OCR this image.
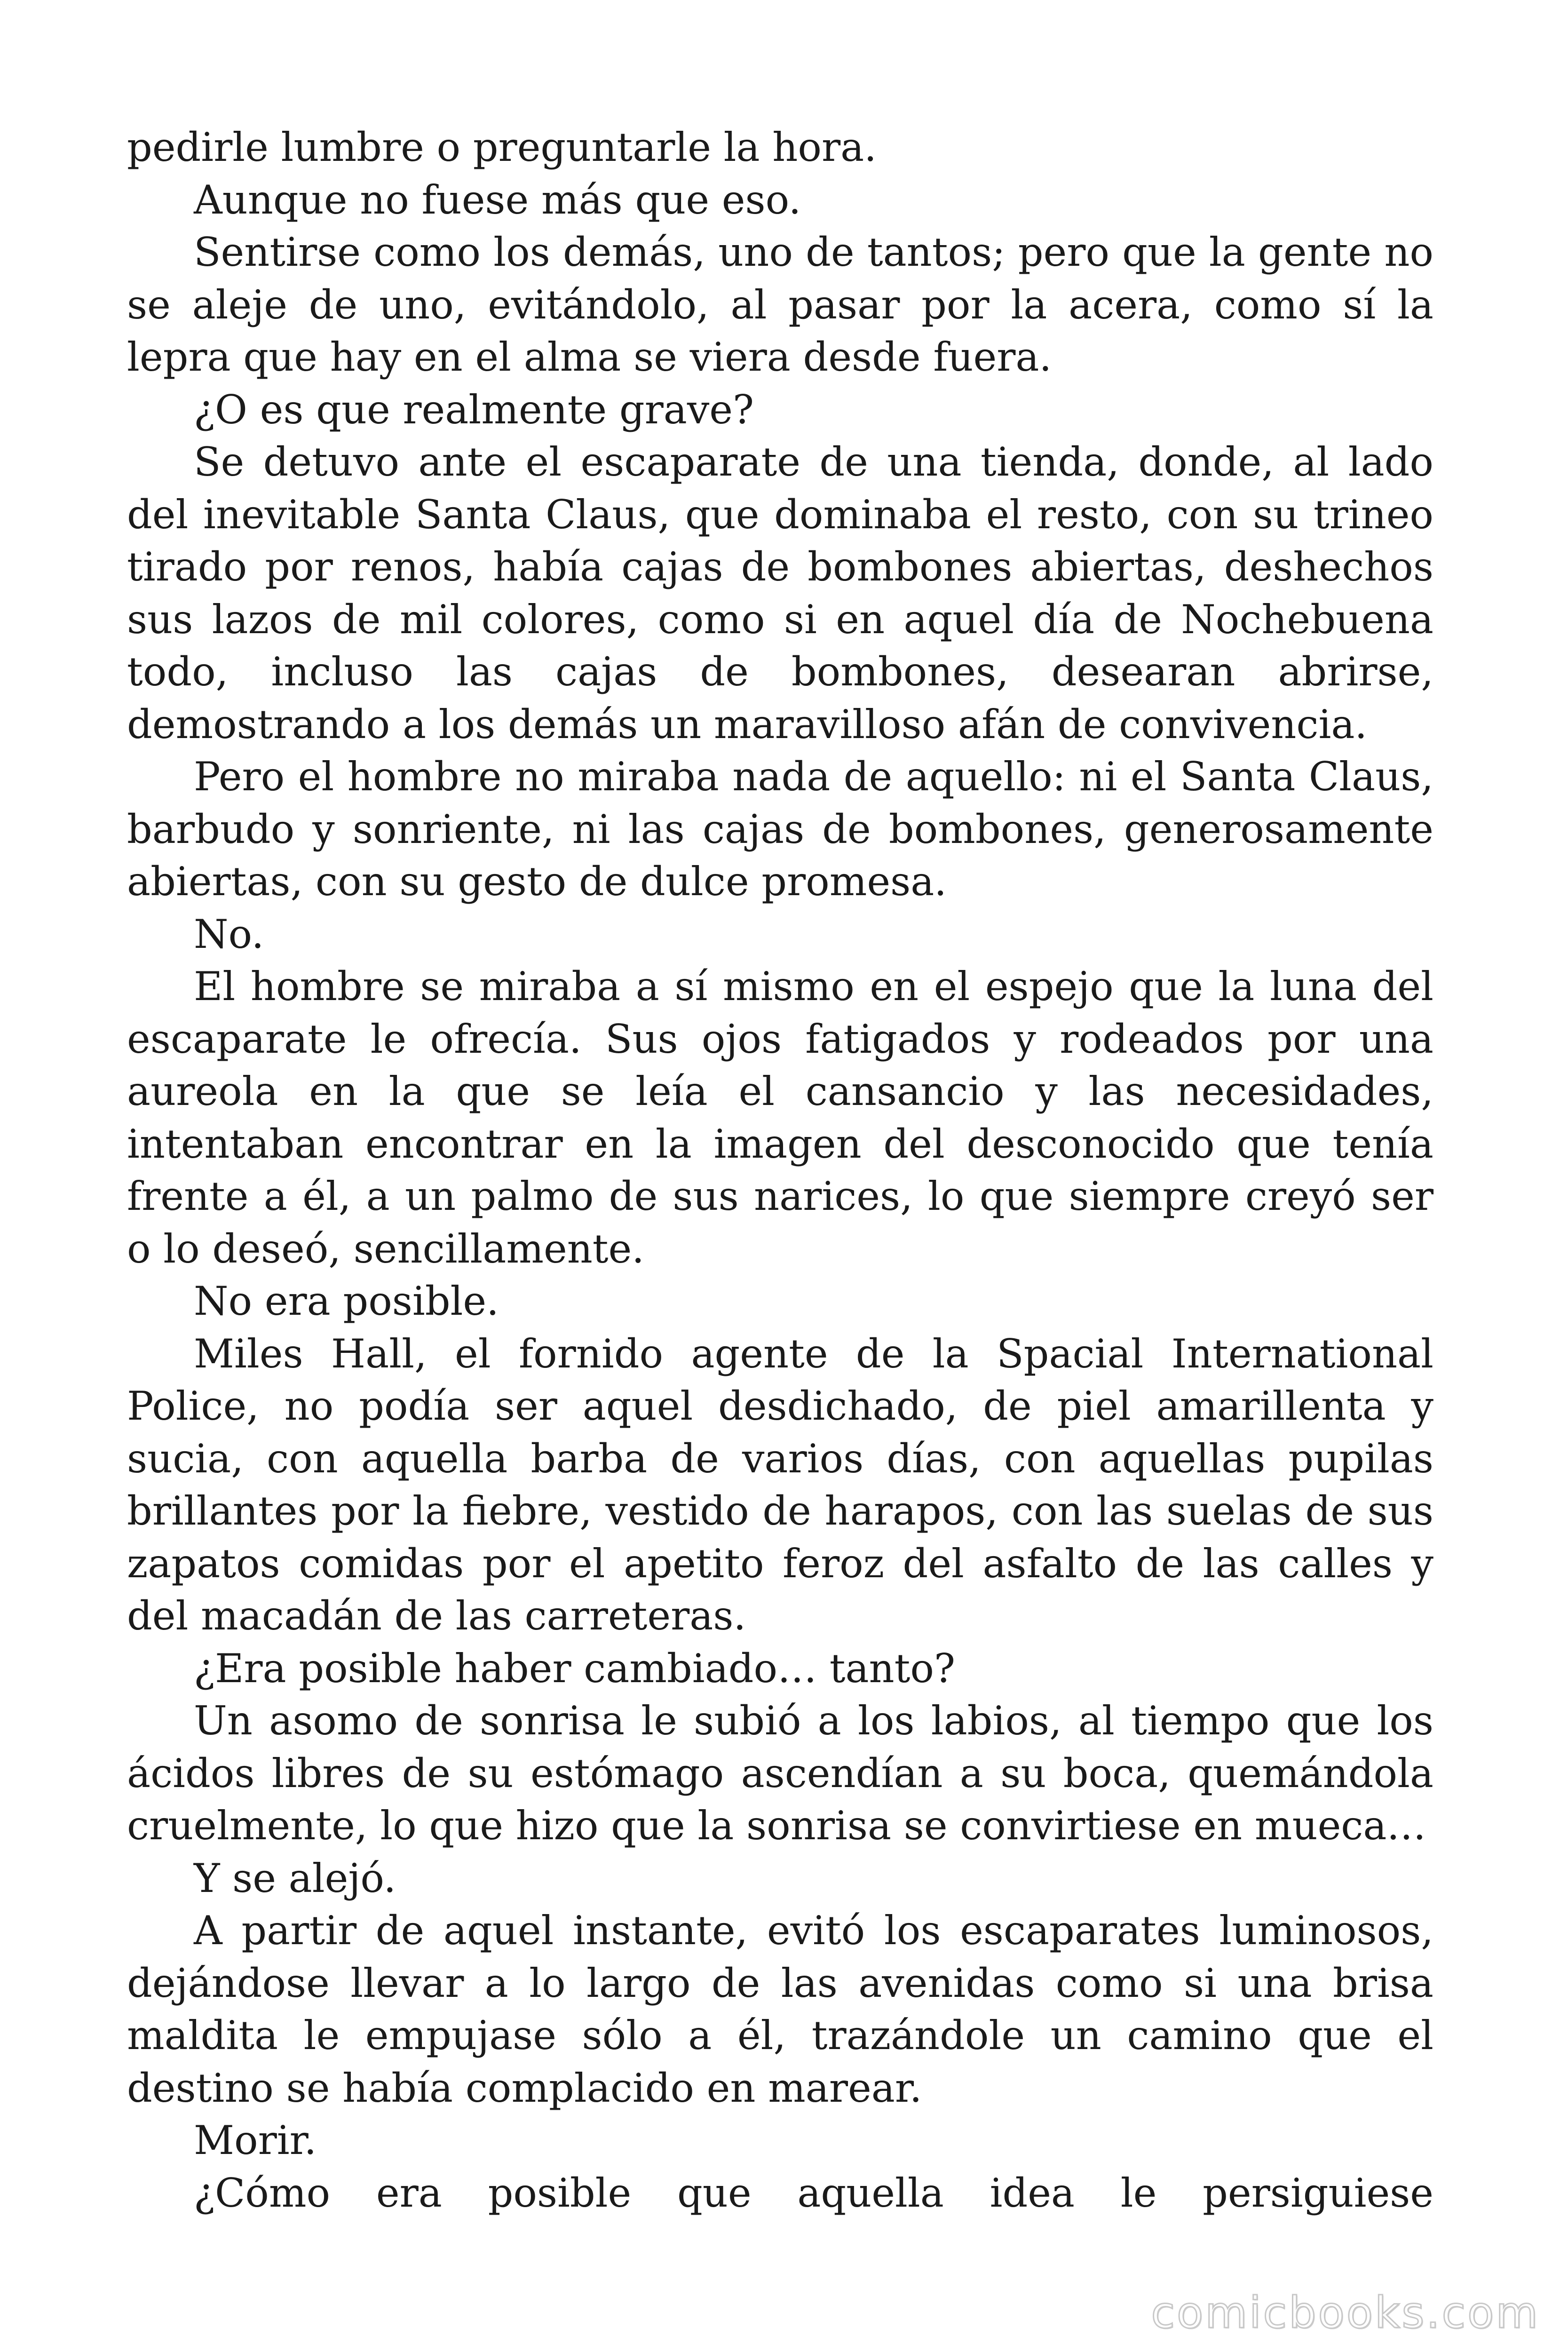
pedirle lumbre o preguntarle la hora.

Aunque no fuese más que eso.

Sentirse como los demás, uno de tantos; pero que la gente no se aleje de uno, evitándolo, al pasar por la acera, como sí la lepra que hay en el alma se viera desde fuera.

¿O es que realmente grave?

Se detuvo ante el escaparate de una tienda, donde, al lado del inevitable Santa Claus, que dominaba el resto, con su trineo tirado por renos, había cajas de bombones abiertas, deshechos sus lazos de mil colores, como si en aquel día de Nochebuena todo, incluso las cajas de bombones, desearan abrirse, demostrando a los demás un maravilloso afán de convivencia.

Pero el hombre no miraba nada de aquello: ni el Santa Claus, barbudo y sonriente, ni las cajas de bombones, generosamente abiertas, con su gesto de dulce promesa.

No.

El hombre se miraba a sí mismo en el espejo que la luna del escaparate le ofrecía. Sus ojos fatigados y rodeados por una aureola en la que se leía el cansancio y las necesidades, intentaban encontrar en la imagen del desconocido que tenía frente a él, a un palmo de sus narices, lo que siempre creyó ser o lo deseó, sencillamente.

No era posible.

Miles Hall, el fornido agente de la Spacial International Police, no podía ser aquel desdichado, de piel amarillenta y sucia, con aquella barba de varios días, con aquellas pupilas brillantes por la fiebre, vestido de harapos, con las suelas de sus zapatos comidas por el apetito feroz del asfalto de las calles y del macadán de las carreteras.

¿Era posible haber cambiado… tanto?

Un asomo de sonrisa le subió a los labios, al tiempo que los ácidos libres de su estómago ascendían a su boca, quemándola cruelmente, lo que hizo que la sonrisa se convirtiese en mueca…

Y se alejó.

A partir de aquel instante, evitó los escaparates luminosos, dejándose llevar a lo largo de las avenidas como si una brisa maldita le empujase sólo a él, trazándole un camino que el destino se había complacido en marear.

Morir.

¿Cómo era posible que aquella idea le persiguiese

comicbooks.com
